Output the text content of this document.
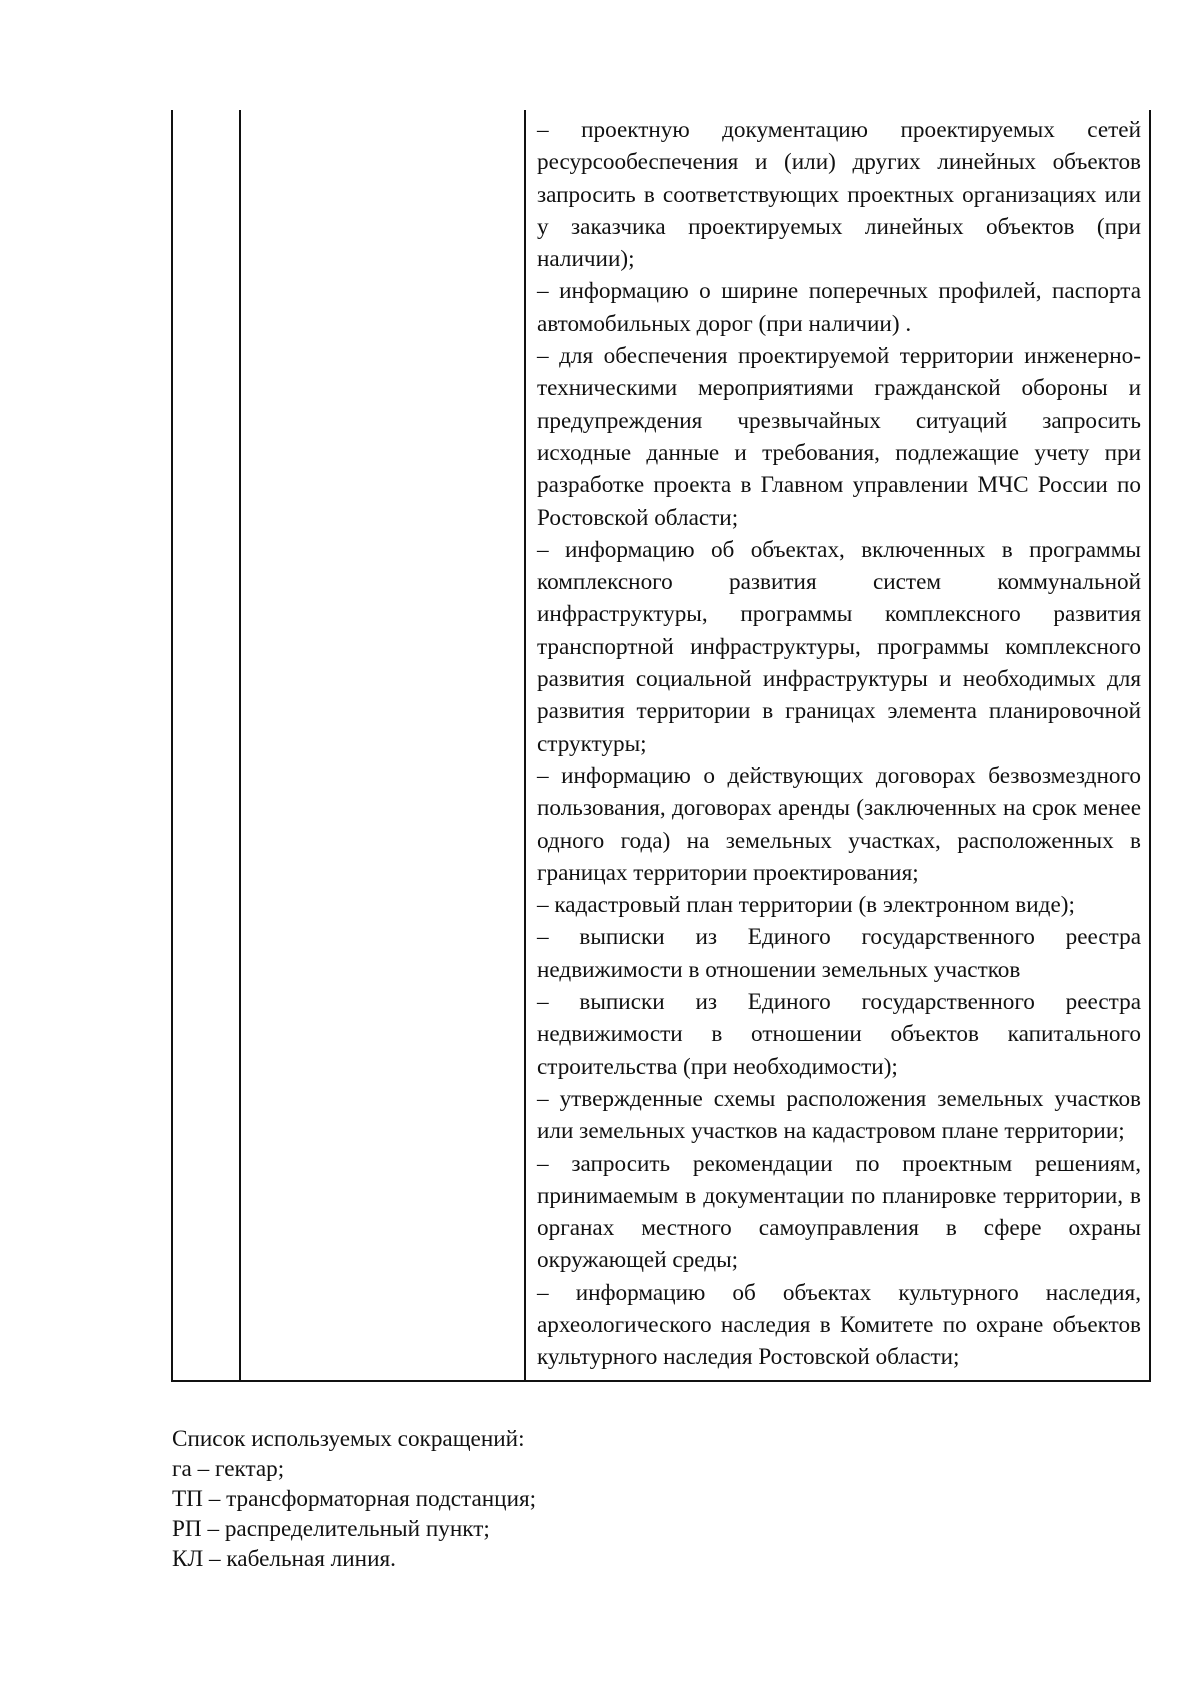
– проектную документацию проектируемых сетей ресурсообеспечения и (или) других линейных объектов запросить в соответствующих проектных организациях или у заказчика проектируемых линейных объектов (при наличии);

– информацию о ширине поперечных профилей, паспорта автомобильных дорог (при наличии) .

– для обеспечения проектируемой территории инженерно-техническими мероприятиями гражданской обороны и предупреждения чрезвычайных ситуаций запросить исходные данные и требования, подлежащие учету при разработке проекта в Главном управлении МЧС России по Ростовской области;

– информацию об объектах, включенных в программы комплексного развития систем коммунальной инфраструктуры, программы комплексного развития транспортной инфраструктуры, программы комплексного развития социальной инфраструктуры и необходимых для развития территории в границах элемента планировочной структуры;

– информацию о действующих договорах безвозмездного пользования, договорах аренды (заключенных на срок менее одного года) на земельных участках, расположенных в границах территории проектирования;

– кадастровый план территории (в электронном виде);

– выписки из Единого государственного реестра недвижимости в отношении земельных участков

– выписки из Единого государственного реестра недвижимости в отношении объектов капитального строительства (при необходимости);

– утвержденные схемы расположения земельных участков или земельных участков на кадастровом плане территории;

– запросить рекомендации по проектным решениям, принимаемым в документации по планировке территории, в органах местного самоуправления в сфере охраны окружающей среды;

– информацию об объектах культурного наследия, археологического наследия в Комитете по охране объектов культурного наследия Ростовской области;

Список используемых сокращений:
га – гектар;
ТП – трансформаторная подстанция;
РП – распределительный пункт;
КЛ – кабельная линия.
